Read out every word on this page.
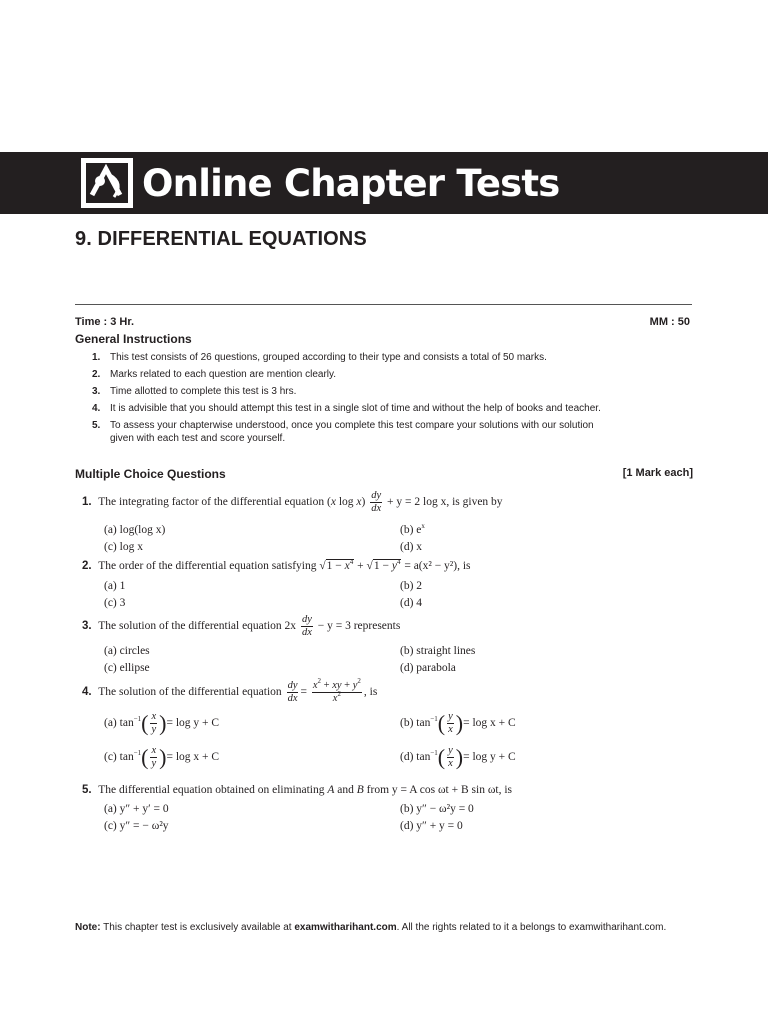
Online Chapter Tests
9. DIFFERENTIAL EQUATIONS
Time : 3 Hr.	MM : 50
General Instructions
1. This test consists of 26 questions, grouped according to their type and consists a total of 50 marks.
2. Marks related to each question are mention clearly.
3. Time allotted to complete this test is 3 hrs.
4. It is advisible that you should attempt this test in a single slot of time and without the help of books and teacher.
5. To assess your chapterwise understood, once you complete this test compare your solutions with our solution
given with each test and score yourself.
Multiple Choice Questions	[1 Mark each]
1. The integrating factor of the differential equation (x $\log x) \frac{dy}{dx} + y = 2$ log x, is given by
(a) log(log x)	(b) $e^x$
(c) log x	(d) x
2. The order of the differential equation satisfying $√1 - x^4 + √1 - y^4 = a(x^2 - y^2)$, is
(a) 1	(b) 2
(c) 3	(d) 4
3. The solution of the differential equation $2x \frac{dy}{dx} - y = 3$ represents
(a) circles	(b) straight lines
(c) ellipse	(d) parabola
4. The solution of the differential equation $\frac{dy}{dx} = \frac{x^2 + xy + y^2}{x^2}$ , is
(a) $\tan^{-1}( \frac{x}{y}$ )= log y + C	(b) $\tan^{-1}( \frac{y}{x}$ )= log x + C
(c) $\tan^{-1}( \frac{x}{y}$ )= log x + C	(d) $\tan^{-1}( \frac{y}{x}$ )= log y + C
5. The differential equation obtained on eliminating A and B from y = A cos ωt + B sin ωt, is
(a) y″ + y′ = 0	(b) y″ − ω²y = 0
(c) y″ = − ω²y	(d) y″ + y = 0
Note: This chapter test is exclusively available at examwitharihant.com. All the rights related to it a belongs to examwitharihant.com.
